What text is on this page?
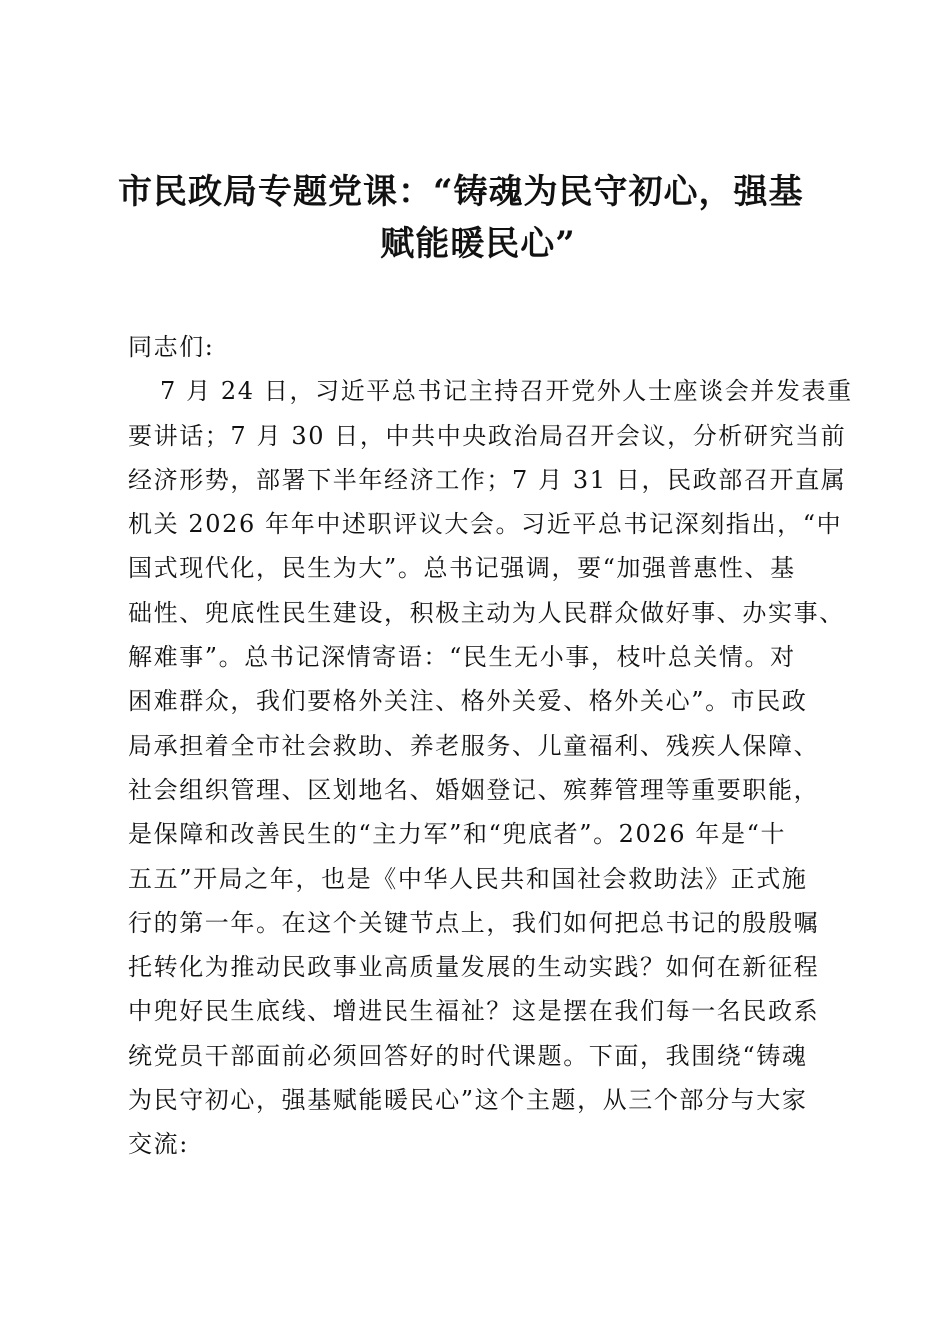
市民政局专题党课：“铸魂为民守初心，强基
赋能暖民心”
同志们:
7 月 24 日，习近平总书记主持召开党外人士座谈会并发表重
要讲话；7 月 30 日，中共中央政治局召开会议，分析研究当前
经济形势，部署下半年经济工作；7 月 31 日，民政部召开直属
机关 2026 年年中述职评议大会。习近平总书记深刻指出，“中
国式现代化，民生为大”。总书记强调，要“加强普惠性、基
础性、兜底性民生建设，积极主动为人民群众做好事、办实事、
解难事”。总书记深情寄语：“民生无小事，枝叶总关情。对
困难群众，我们要格外关注、格外关爱、格外关心”。市民政
局承担着全市社会救助、养老服务、儿童福利、残疾人保障、
社会组织管理、区划地名、婚姻登记、殡葬管理等重要职能，
是保障和改善民生的“主力军”和“兜底者”。2026 年是“十
五五”开局之年，也是《中华人民共和国社会救助法》正式施
行的第一年。在这个关键节点上，我们如何把总书记的殷殷嘱
托转化为推动民政事业高质量发展的生动实践？如何在新征程
中兜好民生底线、增进民生福祉？这是摆在我们每一名民政系
统党员干部面前必须回答好的时代课题。下面，我围绕“铸魂
为民守初心，强基赋能暖民心”这个主题，从三个部分与大家
交流:
